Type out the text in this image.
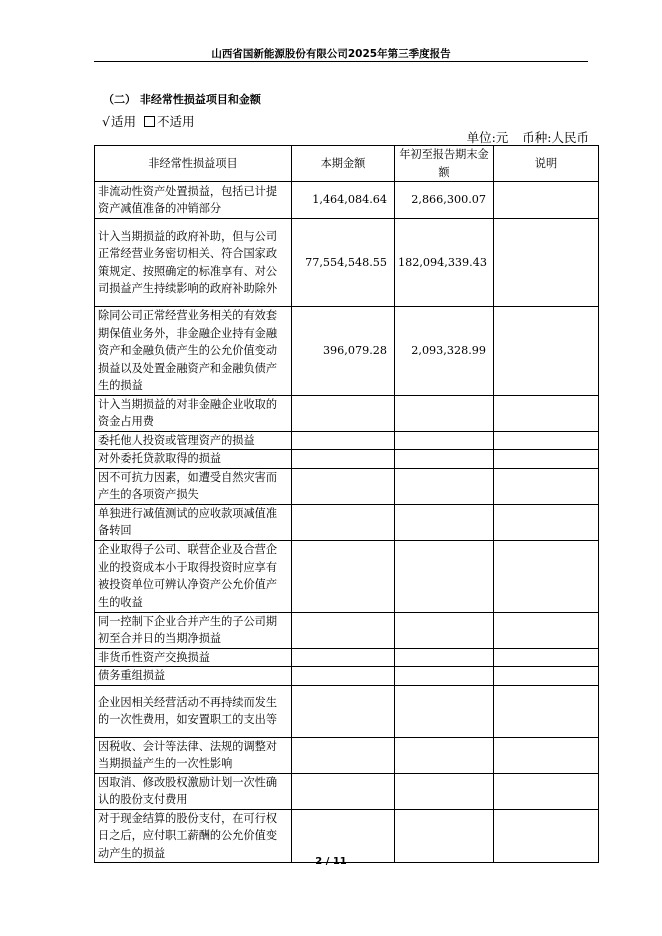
山西省国新能源股份有限公司2025年第三季度报告
（二） 非经常性损益项目和金额
√适用 不适用
单位:元 币种:人民币
非经常性损益项目	本期金额	年初至报告期末金额	说明
非流动性资产处置损益，包括已计提资产减值准备的冲销部分	1,464,084.64	2,866,300.07	
计入当期损益的政府补助，但与公司正常经营业务密切相关、符合国家政策规定、按照确定的标准享有、对公司损益产生持续影响的政府补助除外	77,554,548.55	182,094,339.43	
除同公司正常经营业务相关的有效套期保值业务外，非金融企业持有金融资产和金融负债产生的公允价值变动损益以及处置金融资产和金融负债产生的损益	396,079.28	2,093,328.99	
计入当期损益的对非金融企业收取的资金占用费			
委托他人投资或管理资产的损益			
对外委托贷款取得的损益			
因不可抗力因素，如遭受自然灾害而产生的各项资产损失			
单独进行减值测试的应收款项减值准备转回			
企业取得子公司、联营企业及合营企业的投资成本小于取得投资时应享有被投资单位可辨认净资产公允价值产生的收益			
同一控制下企业合并产生的子公司期初至合并日的当期净损益			
非货币性资产交换损益			
债务重组损益			
企业因相关经营活动不再持续而发生的一次性费用，如安置职工的支出等			
因税收、会计等法律、法规的调整对当期损益产生的一次性影响			
因取消、修改股权激励计划一次性确认的股份支付费用			
对于现金结算的股份支付，在可行权日之后，应付职工薪酬的公允价值变动产生的损益			
2 / 11
